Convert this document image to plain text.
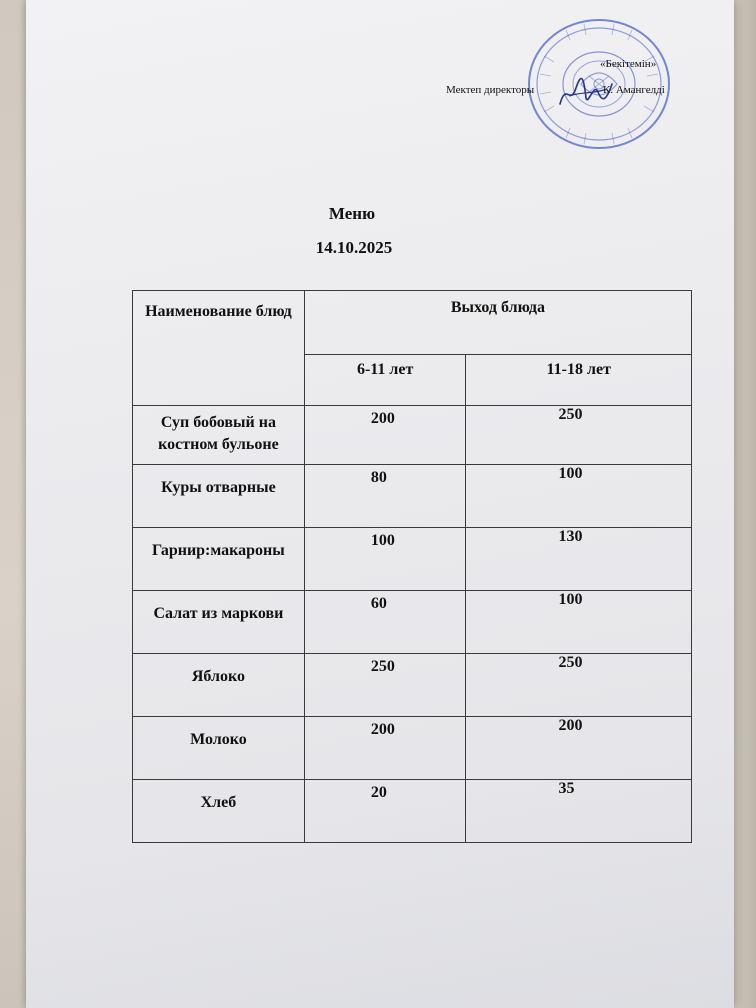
«Бекітемін»
Мектеп директоры	К. Амангелді
Меню
14.10.2025
Наименование блюд	Выход блюда	
	6-11 лет	11-18 лет
Суп бобовый на костном бульоне	200	250
Куры отварные	80	100
Гарнир:макароны	100	130
Салат из маркови	60	100
Яблоко	250	250
Молоко	200	200
Хлеб	20	35
